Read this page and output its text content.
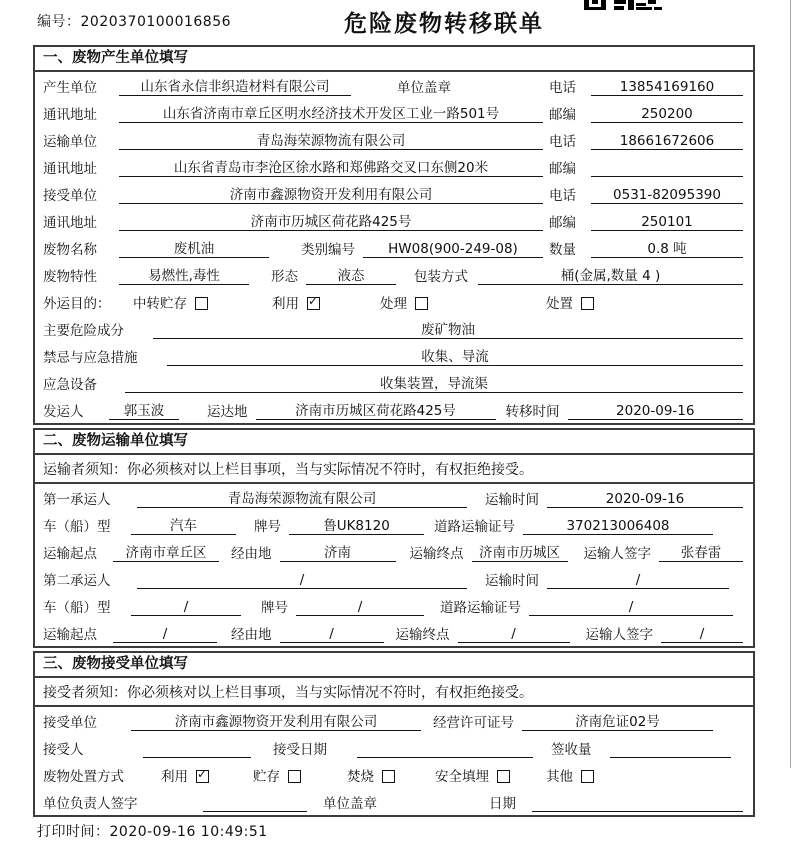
编号：2020370100016856	危险废物转移联单
一、废物产生单位填写
产生单位	山东省永信非织造材料有限公司	单位盖章	电话	13854169160
通讯地址	山东省济南市章丘区明水经济技术开发区工业一路501号	邮编	250200
运输单位	青岛海荣源物流有限公司	电话	18661672606
通讯地址	山东省青岛市李沧区徐水路和郑佛路交叉口东侧20米	邮编
接受单位	济南市鑫源物资开发利用有限公司	电话	0531-82095390
通讯地址	济南市历城区荷花路425号	邮编	250101
废物名称	废机油	类别编号	HW08(900-249-08)	数量	0.8 吨
废物特性	易燃性,毒性	形态	液态	包装方式	桶(金属,数量 4 )
外运目的：	中转贮存	利用 ✓	处理	处置
主要危险成分	废矿物油
禁忌与应急措施	收集、导流
应急设备	收集装置，导流渠
发运人	郭玉波	运达地	济南市历城区荷花路425号	转移时间	2020-09-16
二、废物运输单位填写
运输者须知：你必须核对以上栏目事项，当与实际情况不符时，有权拒绝接受。
第一承运人	青岛海荣源物流有限公司	运输时间	2020-09-16
车（船）型	汽车	牌号	鲁UK8120	道路运输证号	370213006408
运输起点	济南市章丘区	经由地	济南	运输终点	济南市历城区	运输人签字	张春雷
第二承运人	/	运输时间	/
车（船）型	/	牌号	/	道路运输证号	/
运输起点	/	经由地	/	运输终点	/	运输人签字	/
三、废物接受单位填写
接受者须知：你必须核对以上栏目事项，当与实际情况不符时，有权拒绝接受。
接受单位	济南市鑫源物资开发利用有限公司	经营许可证号	济南危证02号
接受人	接受日期	签收量
废物处置方式	利用 ✓	贮存	焚烧	安全填埋	其他
单位负责人签字	单位盖章	日期
打印时间：2020-09-16 10:49:51
